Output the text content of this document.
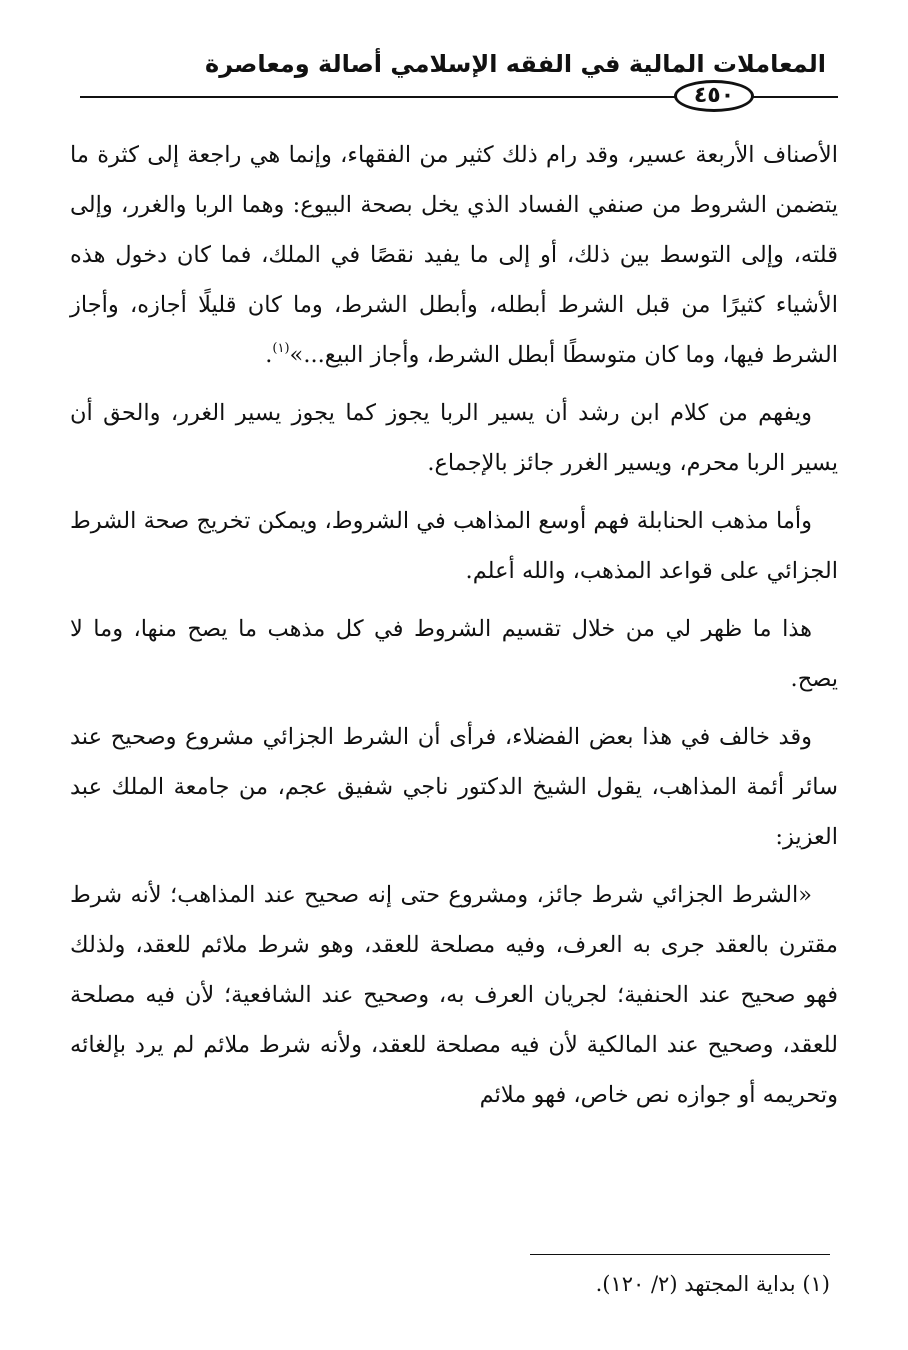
المعاملات المالية في الفقه الإسلامي أصالة ومعاصرة
٤٥٠

الأصناف الأربعة عسير، وقد رام ذلك كثير من الفقهاء، وإنما هي راجعة إلى كثرة ما يتضمن الشروط من صنفي الفساد الذي يخل بصحة البيوع: وهما الربا والغرر، وإلى قلته، وإلى التوسط بين ذلك، أو إلى ما يفيد نقصًا في الملك، فما كان دخول هذه الأشياء كثيرًا من قبل الشرط أبطله، وأبطل الشرط، وما كان قليلًا أجازه، وأجاز الشرط فيها، وما كان متوسطًا أبطل الشرط، وأجاز البيع...»$^{(١)}$.

ويفهم من كلام ابن رشد أن يسير الربا يجوز كما يجوز يسير الغرر، والحق أن يسير الربا محرم، ويسير الغرر جائز بالإجماع.

وأما مذهب الحنابلة فهم أوسع المذاهب في الشروط، ويمكن تخريج صحة الشرط الجزائي على قواعد المذهب، والله أعلم.

هذا ما ظهر لي من خلال تقسيم الشروط في كل مذهب ما يصح منها، وما لا يصح.

وقد خالف في هذا بعض الفضلاء، فرأى أن الشرط الجزائي مشروع وصحيح عند سائر أئمة المذاهب، يقول الشيخ الدكتور ناجي شفيق عجم، من جامعة الملك عبد العزيز:

«الشرط الجزائي شرط جائز، ومشروع حتى إنه صحيح عند المذاهب؛ لأنه شرط مقترن بالعقد جرى به العرف، وفيه مصلحة للعقد، وهو شرط ملائم للعقد، ولذلك فهو صحيح عند الحنفية؛ لجريان العرف به، وصحيح عند الشافعية؛ لأن فيه مصلحة للعقد، وصحيح عند المالكية لأن فيه مصلحة للعقد، ولأنه شرط ملائم لم يرد بإلغائه وتحريمه أو جوازه نص خاص، فهو ملائم

(١) بداية المجتهد (٢/ ١٢٠).
